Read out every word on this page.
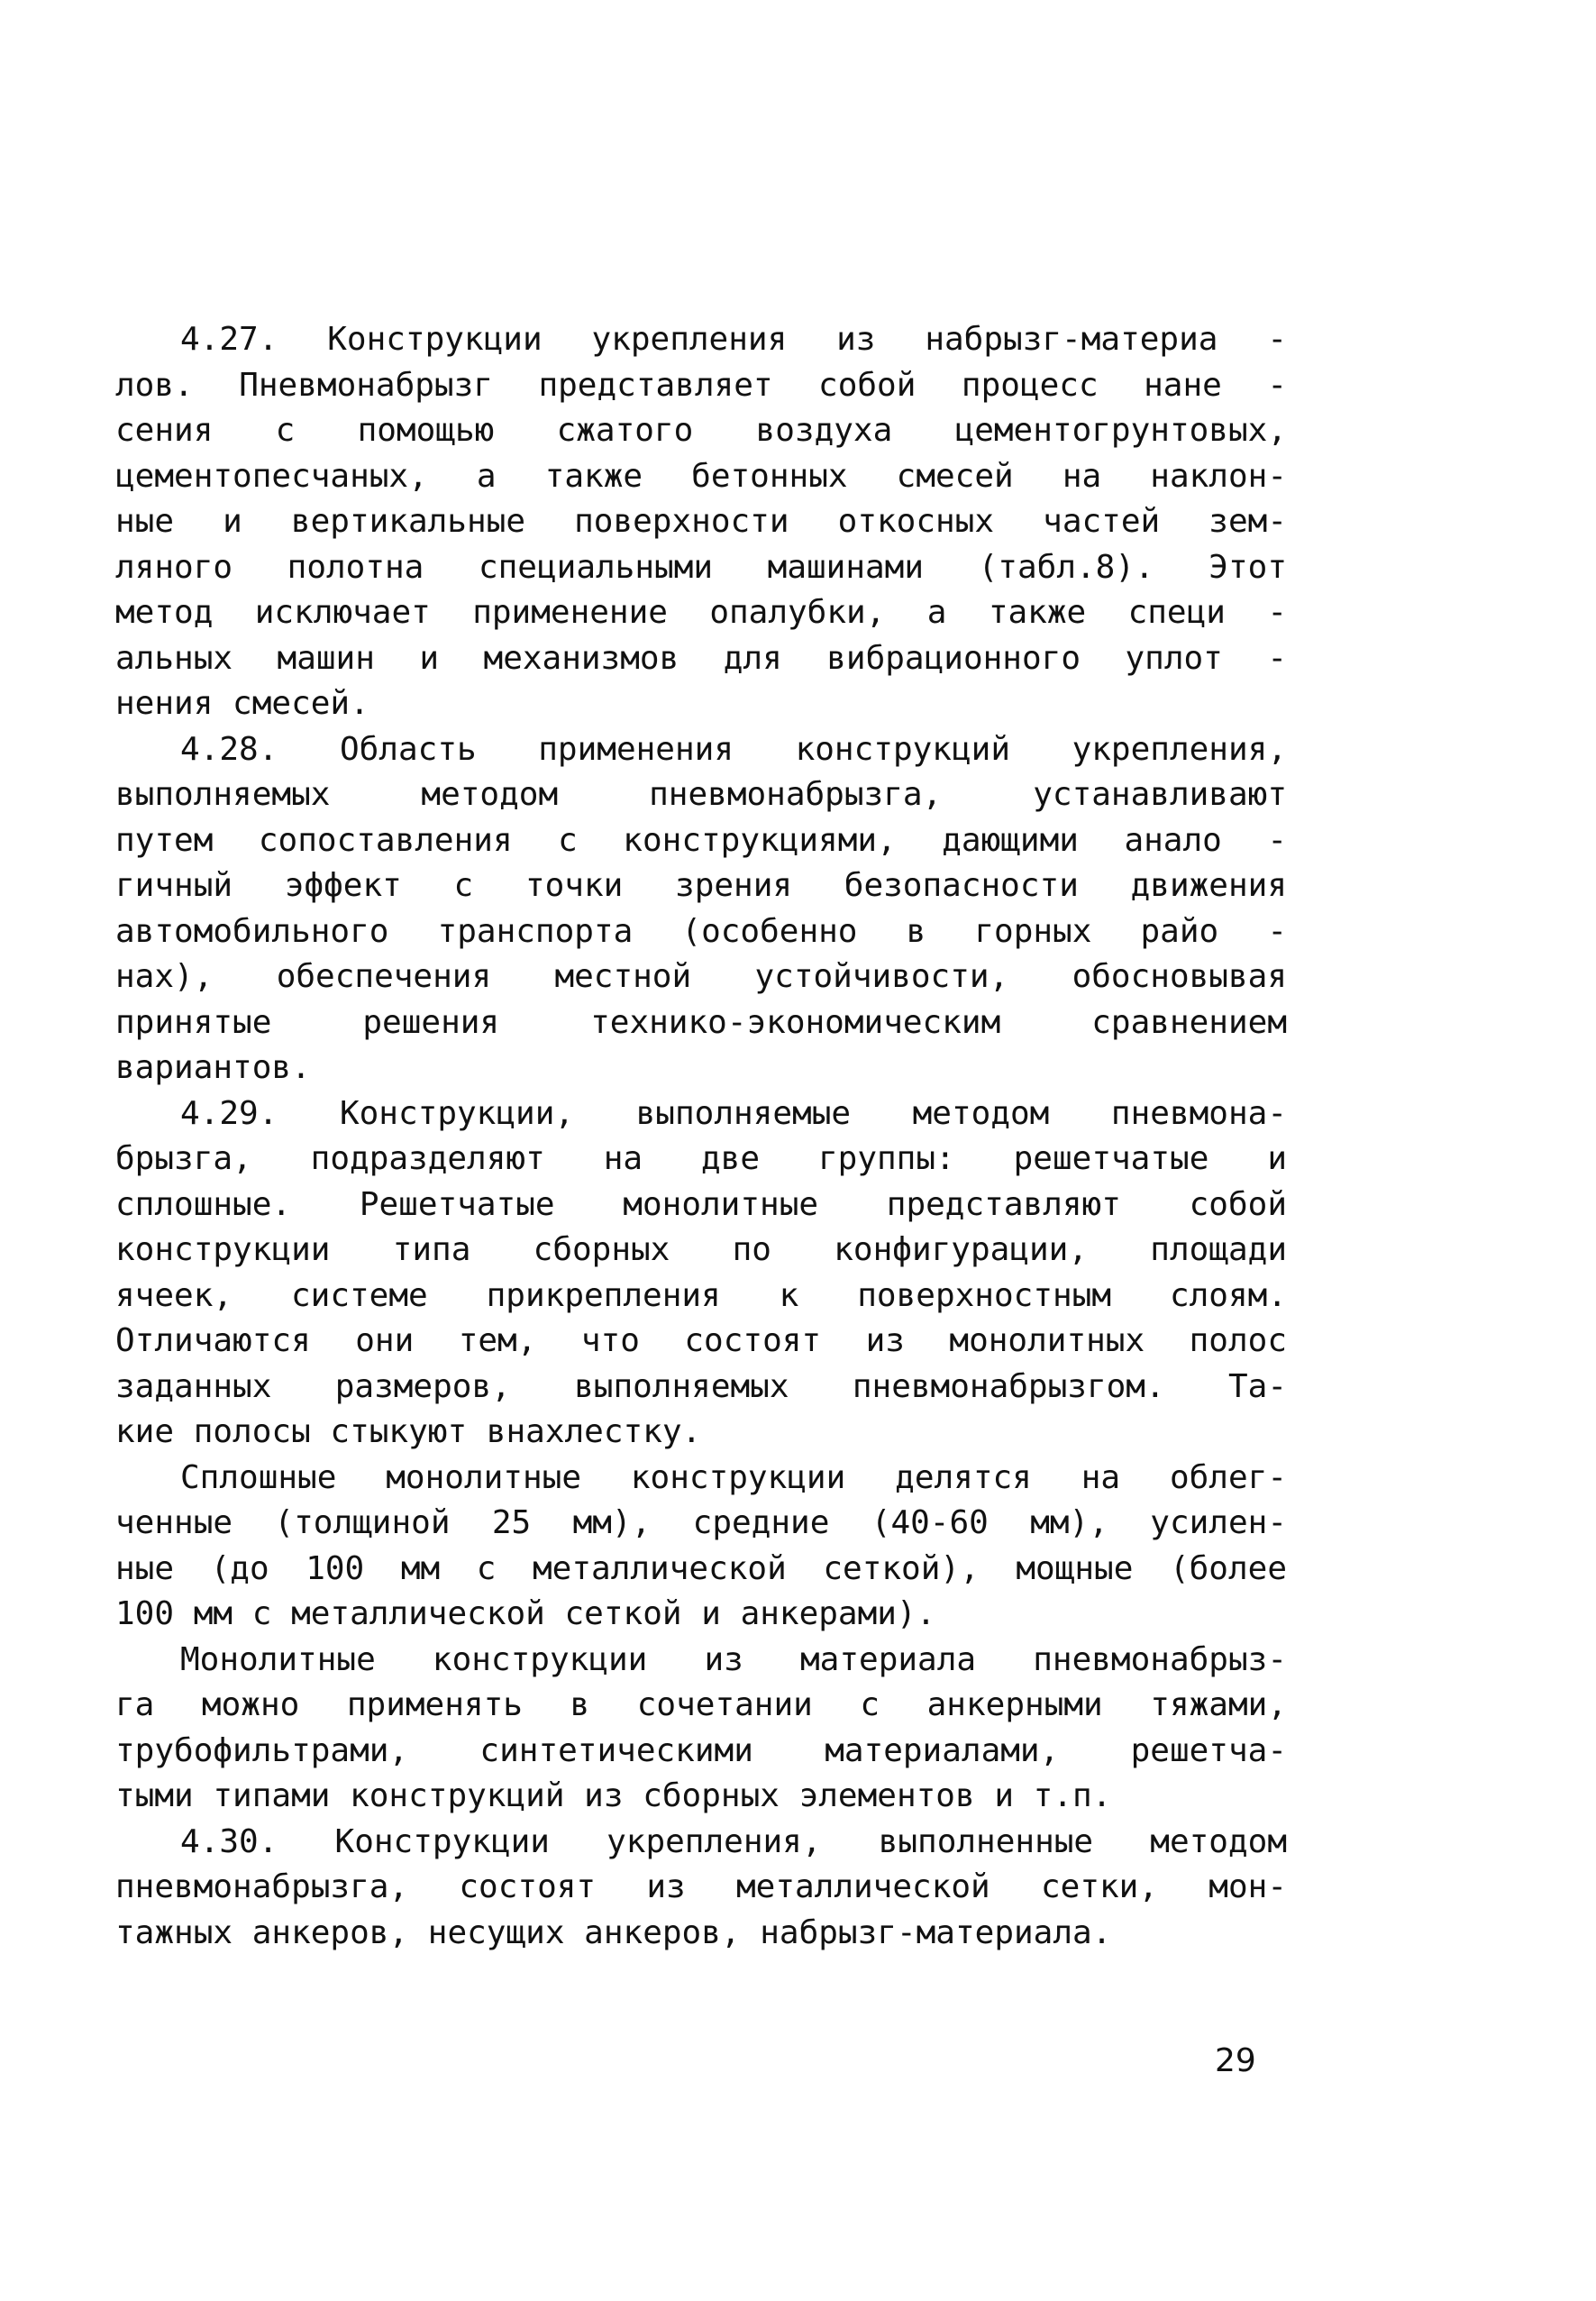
4.27. Конструкции укрепления из набрызг-материа -
лов. Пневмонабрызг представляет собой процесс нане -
сения с помощью сжатого воздуха цементогрунтовых,
цементопесчаных, а также бетонных смесей на наклон-
ные и вертикальные поверхности откосных частей зем-
ляного полотна специальными машинами (табл.8). Этот
метод исключает применение опалубки, а также специ -
альных машин и механизмов для вибрационного уплот -
нения смесей.
4.28. Область применения конструкций укрепления,
выполняемых методом пневмонабрызга, устанавливают
путем сопоставления с конструкциями, дающими анало -
гичный эффект с точки зрения безопасности движения
автомобильного транспорта (особенно в горных райо -
нах), обеспечения местной устойчивости, обосновывая
принятые решения технико-экономическим сравнением
вариантов.
4.29. Конструкции, выполняемые методом пневмона-
брызга, подразделяют на две группы: решетчатые и
сплошные. Решетчатые монолитные представляют собой
конструкции типа сборных по конфигурации, площади
ячеек, системе прикрепления к поверхностным слоям.
Отличаются они тем, что состоят из монолитных полос
заданных размеров, выполняемых пневмонабрызгом. Та-
кие полосы стыкуют внахлестку.
Сплошные монолитные конструкции делятся на облег-
ченные (толщиной 25 мм), средние (40-60 мм), усилен-
ные (до 100 мм с металлической сеткой), мощные (более
100 мм с металлической сеткой и анкерами).
Монолитные конструкции из материала пневмонабрыз-
га можно применять в сочетании с анкерными тяжами,
трубофильтрами, синтетическими материалами, решетча-
тыми типами конструкций из сборных элементов и т.п.
4.30. Конструкции укрепления, выполненные методом
пневмонабрызга, состоят из металлической сетки, мон-
тажных анкеров, несущих анкеров, набрызг-материала.
29
